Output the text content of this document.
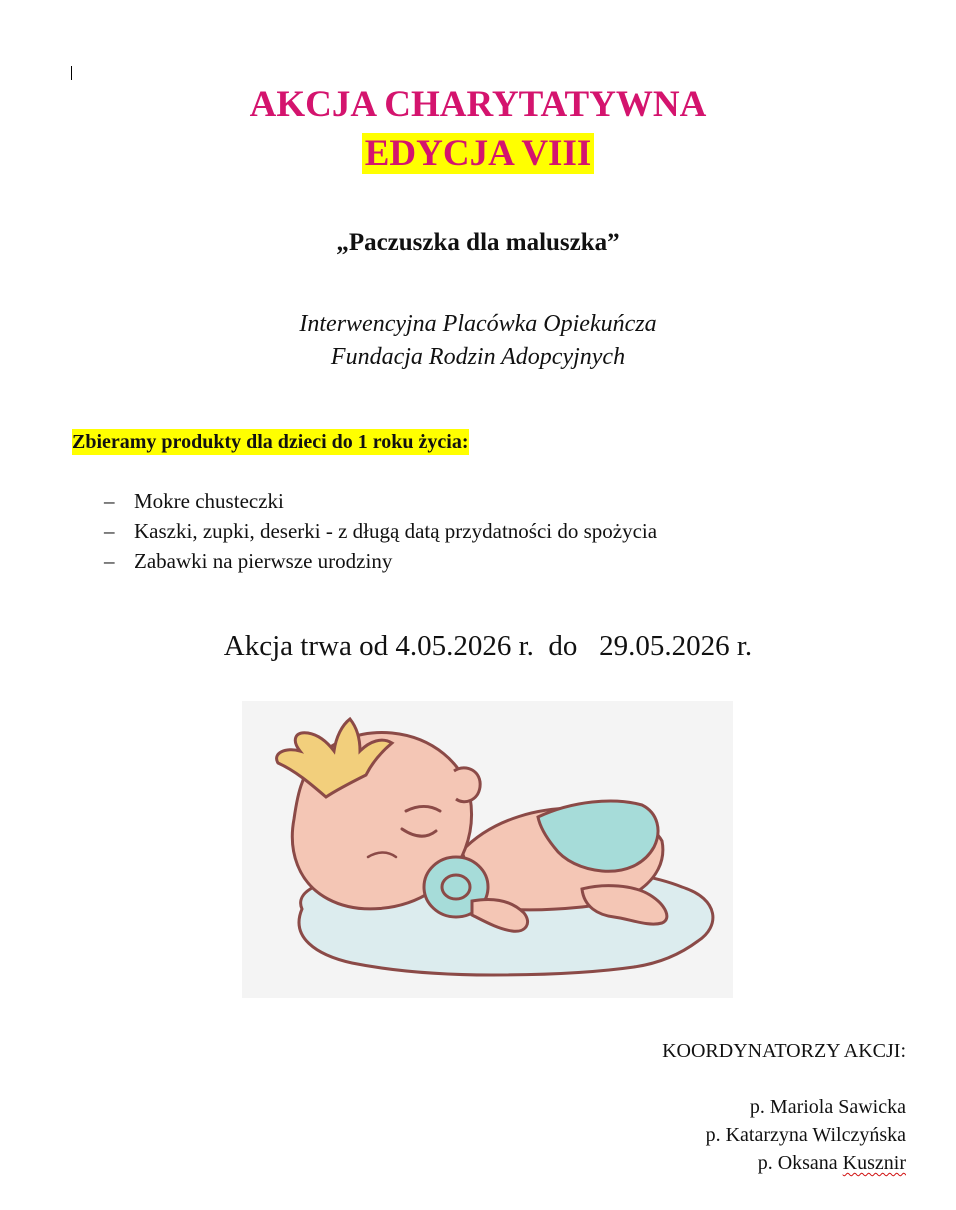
AKCJA CHARYTATYWNA
EDYCJA VIII
„Paczuszka dla maluszka”
Interwencyjna Placówka Opiekuńcza
Fundacja Rodzin Adopcyjnych
Zbieramy produkty dla dzieci do 1 roku życia:
– Mokre chusteczki
– Kaszki, zupki, deserki - z długą datą przydatności do spożycia
– Zabawki na pierwsze urodziny
Akcja trwa od 4.05.2026 r.  do   29.05.2026 r.
KOORDYNATORZY AKCJI:
p. Mariola Sawicka
p. Katarzyna Wilczyńska
p. Oksana Kusznir
